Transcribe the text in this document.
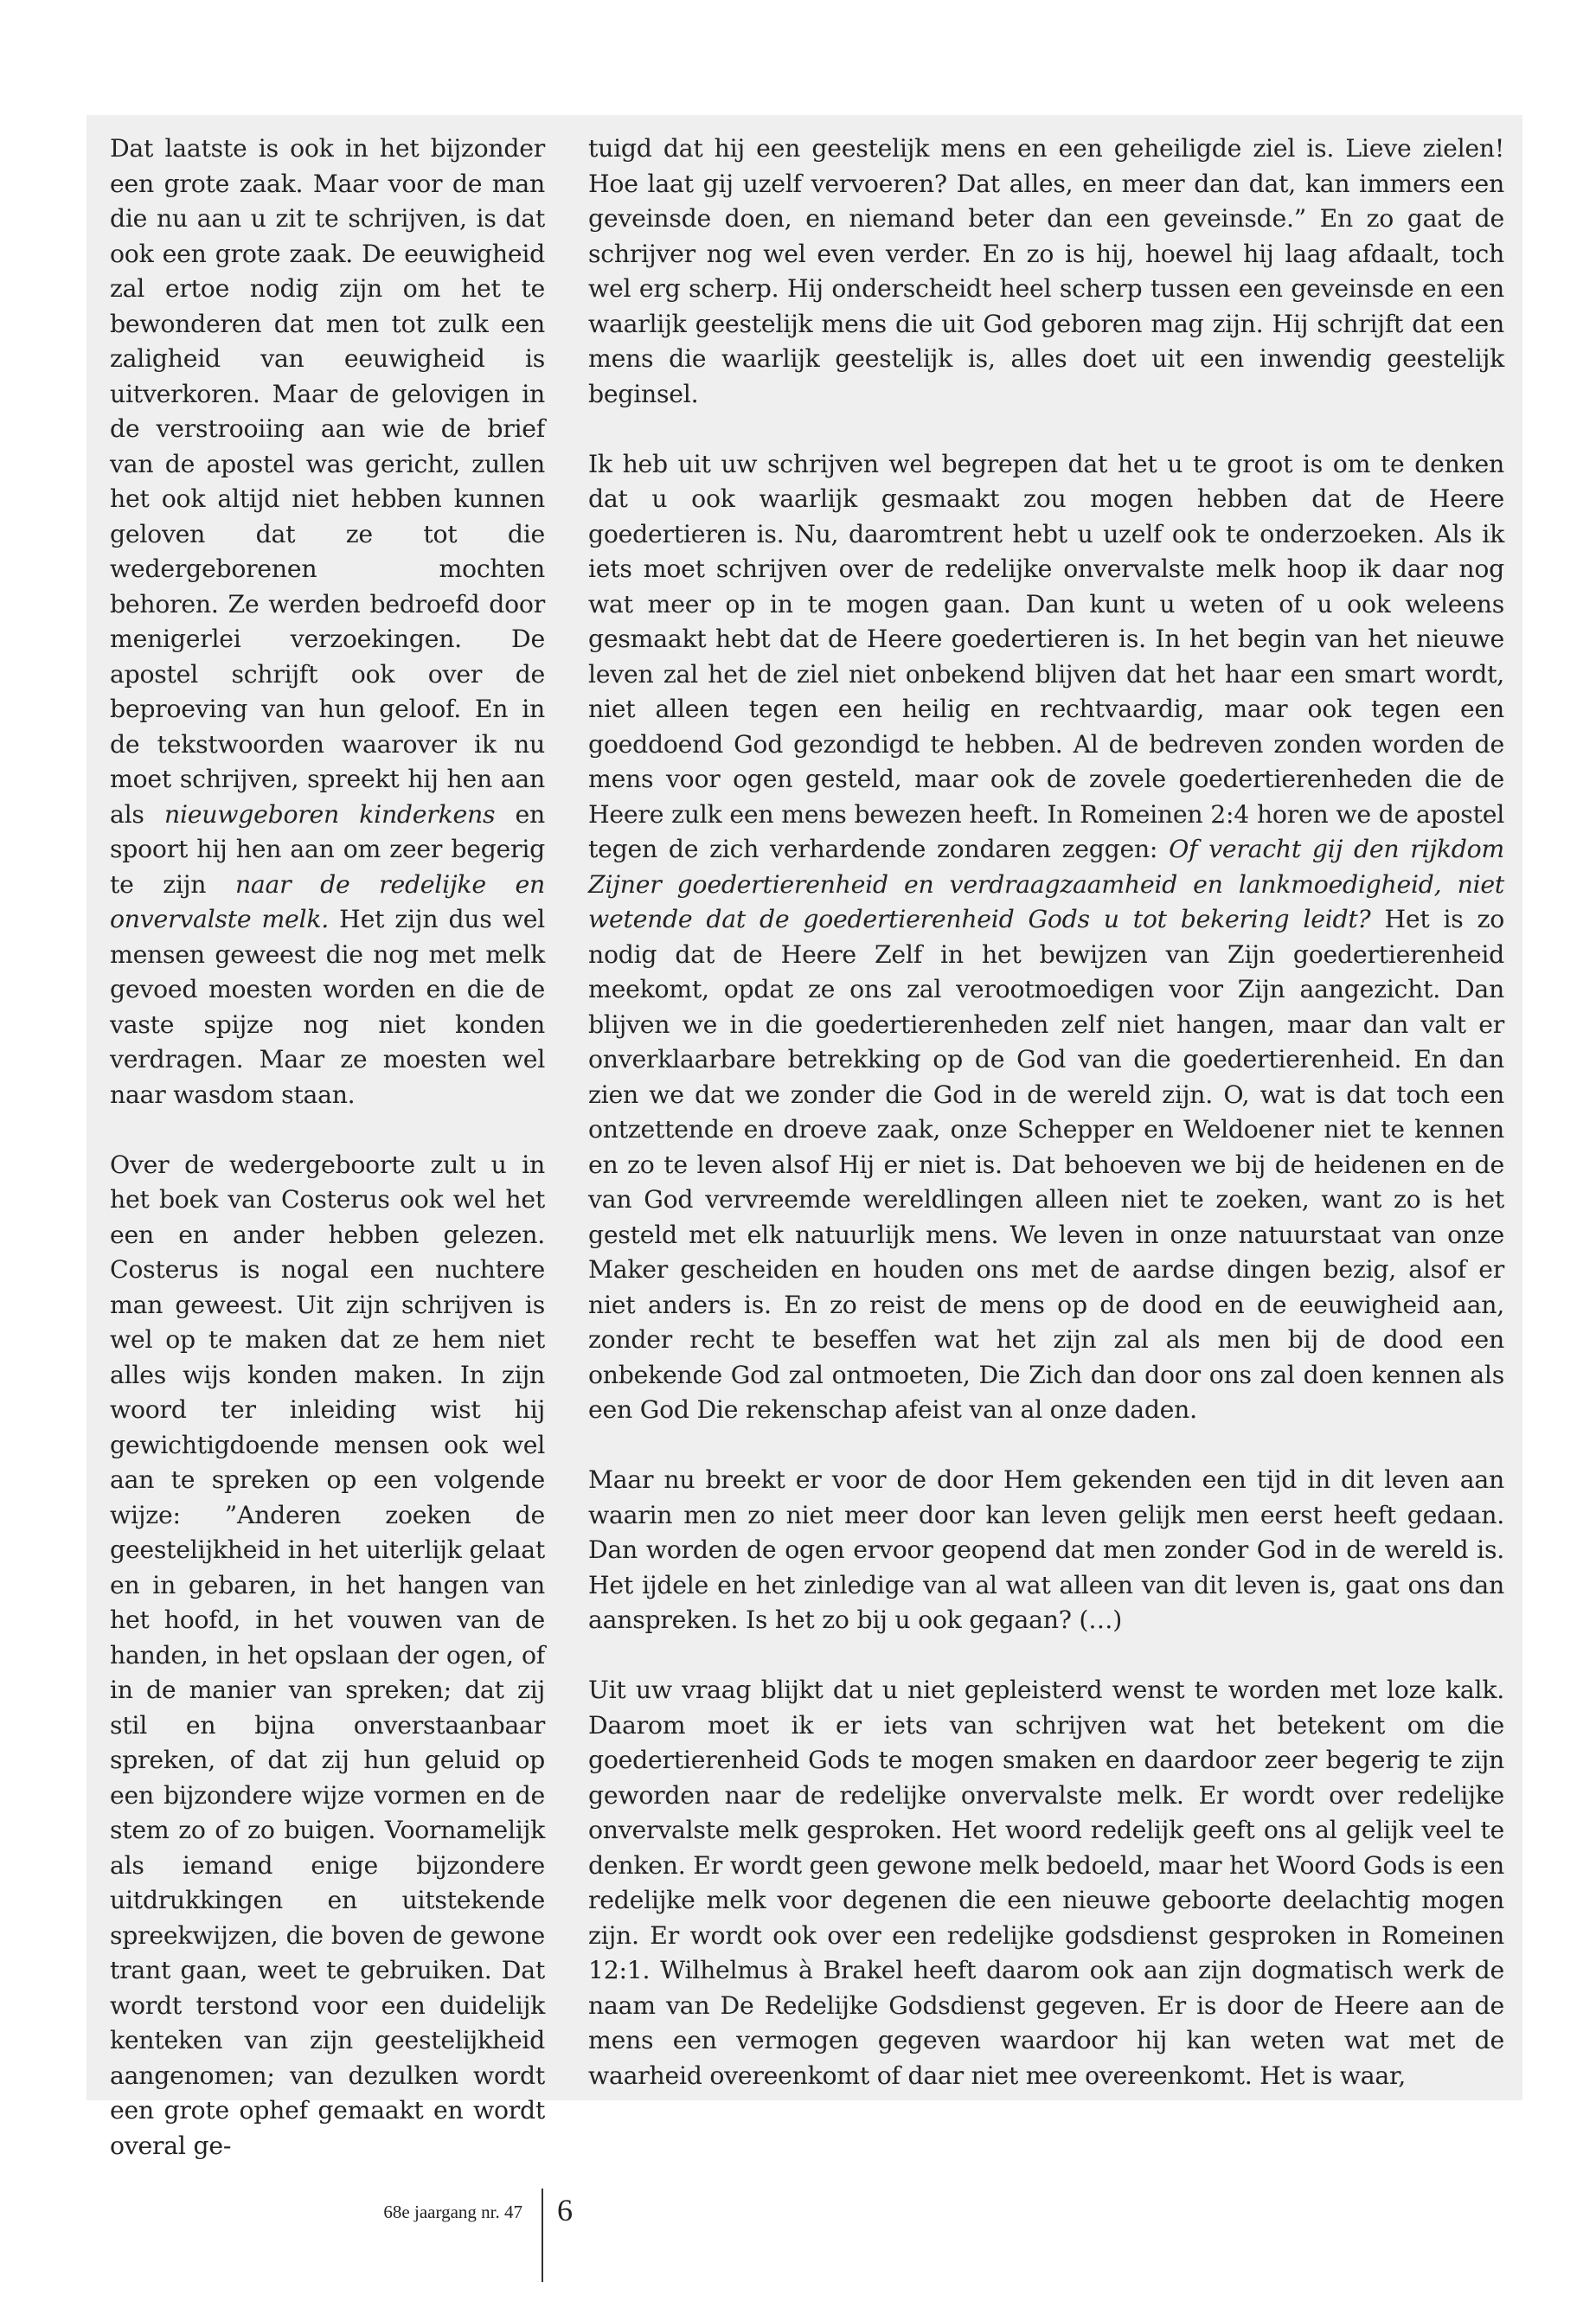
Dat laatste is ook in het bijzonder een grote zaak. Maar voor de man die nu aan u zit te schrijven, is dat ook een grote zaak. De eeuwigheid zal ertoe nodig zijn om het te bewonderen dat men tot zulk een zaligheid van eeuwigheid is uitverkoren. Maar de gelovigen in de verstrooiing aan wie de brief van de apostel was gericht, zullen het ook altijd niet hebben kunnen geloven dat ze tot die wedergeborenen mochten behoren. Ze werden bedroefd door menigerlei verzoekingen. De apostel schrijft ook over de beproeving van hun geloof. En in de tekstwoorden waarover ik nu moet schrijven, spreekt hij hen aan als nieuwgeboren kinderkens en spoort hij hen aan om zeer begerig te zijn naar de redelijke en onvervalste melk. Het zijn dus wel mensen geweest die nog met melk gevoed moesten worden en die de vaste spijze nog niet konden verdragen. Maar ze moesten wel naar wasdom staan.

Over de wedergeboorte zult u in het boek van Costerus ook wel het een en ander hebben gelezen. Costerus is nogal een nuchtere man geweest. Uit zijn schrijven is wel op te maken dat ze hem niet alles wijs konden maken. In zijn woord ter inleiding wist hij gewichtigdoende mensen ook wel aan te spreken op een volgende wijze: ”Anderen zoeken de geestelijkheid in het uiterlijk gelaat en in gebaren, in het hangen van het hoofd, in het vouwen van de handen, in het opslaan der ogen, of in de manier van spreken; dat zij stil en bijna onverstaanbaar spreken, of dat zij hun geluid op een bijzondere wijze vormen en de stem zo of zo buigen. Voornamelijk als iemand enige bijzondere uitdrukkingen en uitstekende spreekwijzen, die boven de gewone trant gaan, weet te gebruiken. Dat wordt terstond voor een duidelijk kenteken van zijn geestelijkheid aangenomen; van dezulken wordt een grote ophef gemaakt en wordt overal ge-

tuigd dat hij een geestelijk mens en een geheiligde ziel is. Lieve zielen! Hoe laat gij uzelf vervoeren? Dat alles, en meer dan dat, kan immers een geveinsde doen, en niemand beter dan een geveinsde.” En zo gaat de schrijver nog wel even verder. En zo is hij, hoewel hij laag afdaalt, toch wel erg scherp. Hij onderscheidt heel scherp tussen een geveinsde en een waarlijk geestelijk mens die uit God geboren mag zijn. Hij schrijft dat een mens die waarlijk geestelijk is, alles doet uit een inwendig geestelijk beginsel.

Ik heb uit uw schrijven wel begrepen dat het u te groot is om te denken dat u ook waarlijk gesmaakt zou mogen hebben dat de Heere goedertieren is. Nu, daaromtrent hebt u uzelf ook te onderzoeken. Als ik iets moet schrijven over de redelijke onvervalste melk hoop ik daar nog wat meer op in te mogen gaan. Dan kunt u weten of u ook weleens gesmaakt hebt dat de Heere goedertieren is. In het begin van het nieuwe leven zal het de ziel niet onbekend blijven dat het haar een smart wordt, niet alleen tegen een heilig en rechtvaardig, maar ook tegen een goeddoend God gezondigd te hebben. Al de bedreven zonden worden de mens voor ogen gesteld, maar ook de zovele goedertierenheden die de Heere zulk een mens bewezen heeft. In Romeinen 2:4 horen we de apostel tegen de zich verhardende zondaren zeggen: Of veracht gij den rijkdom Zijner goedertierenheid en verdraagzaamheid en lankmoedigheid, niet wetende dat de goedertierenheid Gods u tot bekering leidt? Het is zo nodig dat de Heere Zelf in het bewijzen van Zijn goedertierenheid meekomt, opdat ze ons zal verootmoedigen voor Zijn aangezicht. Dan blijven we in die goedertierenheden zelf niet hangen, maar dan valt er onverklaarbare betrekking op de God van die goedertierenheid. En dan zien we dat we zonder die God in de wereld zijn. O, wat is dat toch een ontzettende en droeve zaak, onze Schepper en Weldoener niet te kennen en zo te leven alsof Hij er niet is. Dat behoeven we bij de heidenen en de van God vervreemde wereldlingen alleen niet te zoeken, want zo is het gesteld met elk natuurlijk mens. We leven in onze natuurstaat van onze Maker gescheiden en houden ons met de aardse dingen bezig, alsof er niet anders is. En zo reist de mens op de dood en de eeuwigheid aan, zonder recht te beseffen wat het zijn zal als men bij de dood een onbekende God zal ontmoeten, Die Zich dan door ons zal doen kennen als een God Die rekenschap afeist van al onze daden.

Maar nu breekt er voor de door Hem gekenden een tijd in dit leven aan waarin men zo niet meer door kan leven gelijk men eerst heeft gedaan. Dan worden de ogen ervoor geopend dat men zonder God in de wereld is. Het ijdele en het zinledige van al wat alleen van dit leven is, gaat ons dan aanspreken. Is het zo bij u ook gegaan? (…)

Uit uw vraag blijkt dat u niet gepleisterd wenst te worden met loze kalk. Daarom moet ik er iets van schrijven wat het betekent om die goedertierenheid Gods te mogen smaken en daardoor zeer begerig te zijn geworden naar de redelijke onvervalste melk. Er wordt over redelijke onvervalste melk gesproken. Het woord redelijk geeft ons al gelijk veel te denken. Er wordt geen gewone melk bedoeld, maar het Woord Gods is een redelijke melk voor degenen die een nieuwe geboorte deelachtig mogen zijn. Er wordt ook over een redelijke godsdienst gesproken in Romeinen 12:1. Wilhelmus à Brakel heeft daarom ook aan zijn dogmatisch werk de naam van De Redelijke Godsdienst gegeven. Er is door de Heere aan de mens een vermogen gegeven waardoor hij kan weten wat met de waarheid overeenkomt of daar niet mee overeenkomt. Het is waar,

68e jaargang nr. 47 6
